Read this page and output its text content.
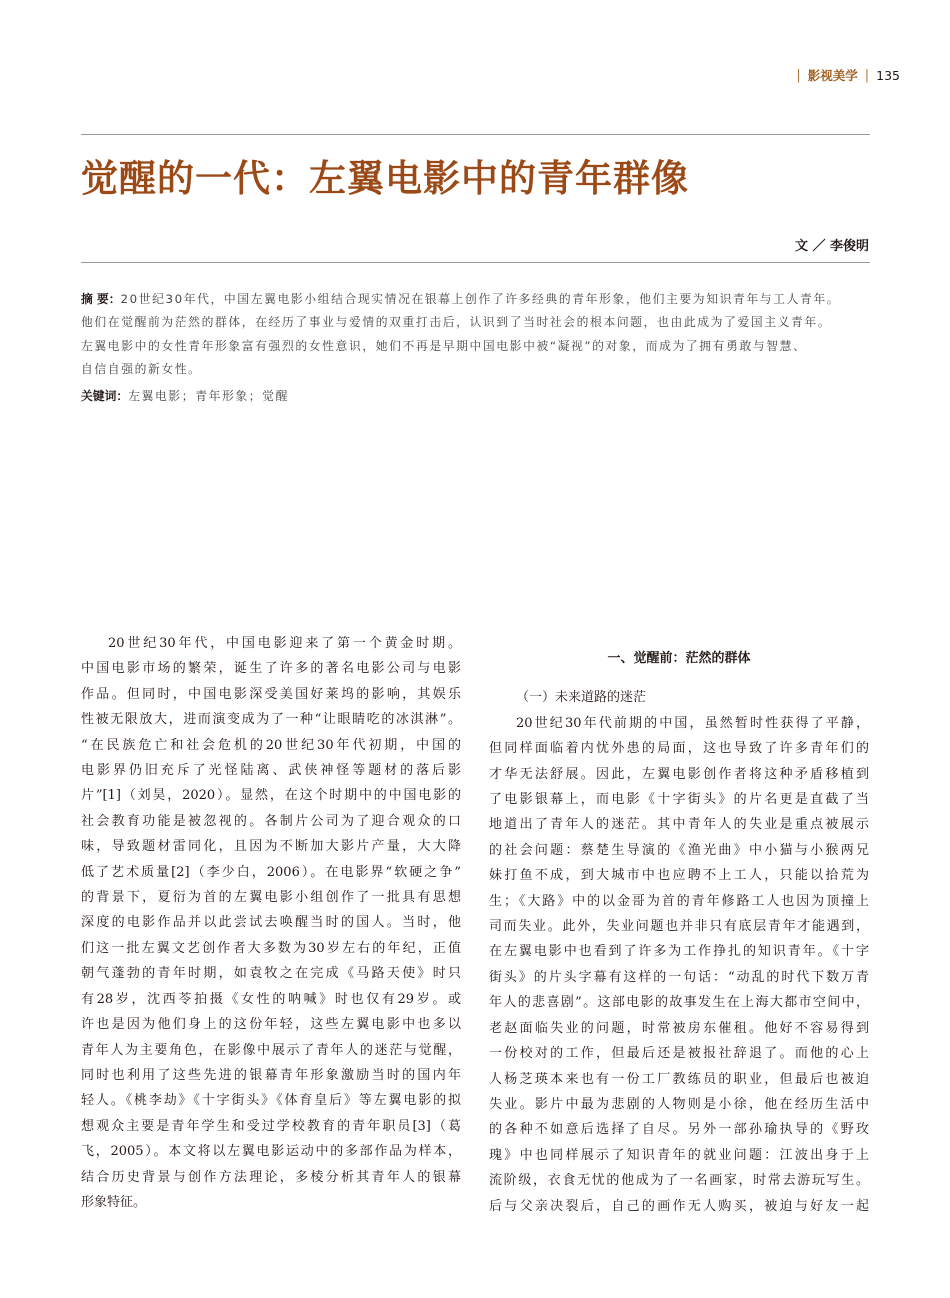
| 影视美学 | 135
觉醒的一代：左翼电影中的青年群像
文 ／ 李俊明
摘 要：20世纪30年代，中国左翼电影小组结合现实情况在银幕上创作了许多经典的青年形象，他们主要为知识青年与工人青年。
他们在觉醒前为茫然的群体，在经历了事业与爱情的双重打击后，认识到了当时社会的根本问题，也由此成为了爱国主义青年。
左翼电影中的女性青年形象富有强烈的女性意识，她们不再是早期中国电影中被“凝视”的对象，而成为了拥有勇敢与智慧、
自信自强的新女性。
关键词：左翼电影；青年形象；觉醒
20世纪30年代，中国电影迎来了第一个黄金时期。
中国电影市场的繁荣，诞生了许多的著名电影公司与电影
作品。但同时，中国电影深受美国好莱坞的影响，其娱乐
性被无限放大，进而演变成为了一种“让眼睛吃的冰淇淋”。
“在民族危亡和社会危机的20世纪30年代初期，中国的
电影界仍旧充斥了光怪陆离、武侠神怪等题材的落后影
片”[1]（刘昊，2020）。显然，在这个时期中的中国电影的
社会教育功能是被忽视的。各制片公司为了迎合观众的口
味，导致题材雷同化，且因为不断加大影片产量，大大降
低了艺术质量[2]（李少白，2006）。在电影界“软硬之争”
的背景下，夏衍为首的左翼电影小组创作了一批具有思想
深度的电影作品并以此尝试去唤醒当时的国人。当时，他
们这一批左翼文艺创作者大多数为30岁左右的年纪，正值
朝气蓬勃的青年时期，如袁牧之在完成《马路天使》时只
有28岁，沈西苓拍摄《女性的呐喊》时也仅有29岁。或
许也是因为他们身上的这份年轻，这些左翼电影中也多以
青年人为主要角色，在影像中展示了青年人的迷茫与觉醒，
同时也利用了这些先进的银幕青年形象激励当时的国内年
轻人。《桃李劫》《十字街头》《体育皇后》等左翼电影的拟
想观众主要是青年学生和受过学校教育的青年职员[3]（葛
飞，2005）。本文将以左翼电影运动中的多部作品为样本，
结合历史背景与创作方法理论，多棱分析其青年人的银幕
形象特征。
一、觉醒前：茫然的群体
（一）未来道路的迷茫
20世纪30年代前期的中国，虽然暂时性获得了平静，
但同样面临着内忧外患的局面，这也导致了许多青年们的
才华无法舒展。因此，左翼电影创作者将这种矛盾移植到
了电影银幕上，而电影《十字街头》的片名更是直截了当
地道出了青年人的迷茫。其中青年人的失业是重点被展示
的社会问题：蔡楚生导演的《渔光曲》中小猫与小猴两兄
妹打鱼不成，到大城市中也应聘不上工人，只能以拾荒为
生；《大路》中的以金哥为首的青年修路工人也因为顶撞上
司而失业。此外，失业问题也并非只有底层青年才能遇到，
在左翼电影中也看到了许多为工作挣扎的知识青年。《十字
街头》的片头字幕有这样的一句话：“动乱的时代下数万青
年人的悲喜剧”。这部电影的故事发生在上海大都市空间中，
老赵面临失业的问题，时常被房东催租。他好不容易得到
一份校对的工作，但最后还是被报社辞退了。而他的心上
人杨芝瑛本来也有一份工厂教练员的职业，但最后也被迫
失业。影片中最为悲剧的人物则是小徐，他在经历生活中
的各种不如意后选择了自尽。另外一部孙瑜执导的《野玫
瑰》中也同样展示了知识青年的就业问题：江波出身于上
流阶级，衣食无忧的他成为了一名画家，时常去游玩写生。
后与父亲决裂后，自己的画作无人购买，被迫与好友一起
